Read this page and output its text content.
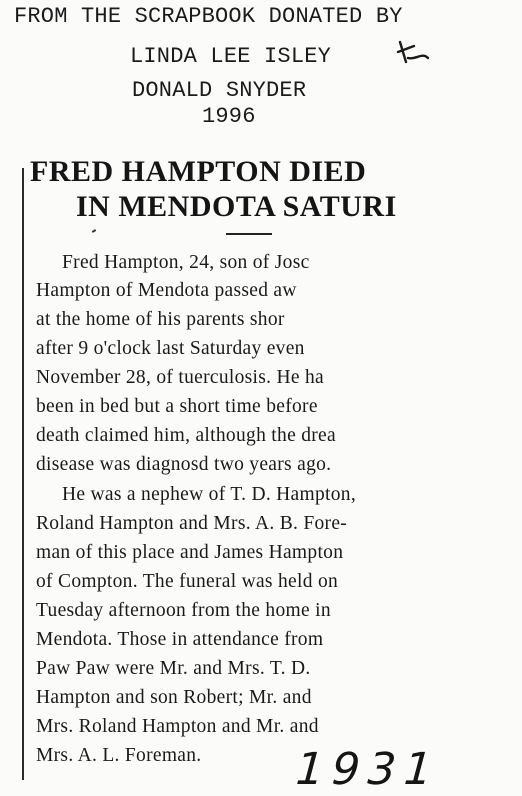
FROM THE SCRAPBOOK DONATED BY
LINDA LEE ISLEY
DONALD SNYDER
1996
FRED HAMPTON DIED
IN MENDOTA SATURI
Fred Hampton, 24, son of Josc
Hampton of Mendota passed aw
at the home of his parents shor
after 9 o'clock last Saturday even
November 28, of tuerculosis. He ha
been in bed but a short time before
death claimed him, although the drea
disease was diagnosd two years ago.
He was a nephew of T. D. Hampton,
Roland Hampton and Mrs. A. B. Fore-
man of this place and James Hampton
of Compton. The funeral was held on
Tuesday afternoon from the home in
Mendota. Those in attendance from
Paw Paw were Mr. and Mrs. T. D.
Hampton and son Robert; Mr. and
Mrs. Roland Hampton and Mr. and
Mrs. A. L. Foreman. 1931
